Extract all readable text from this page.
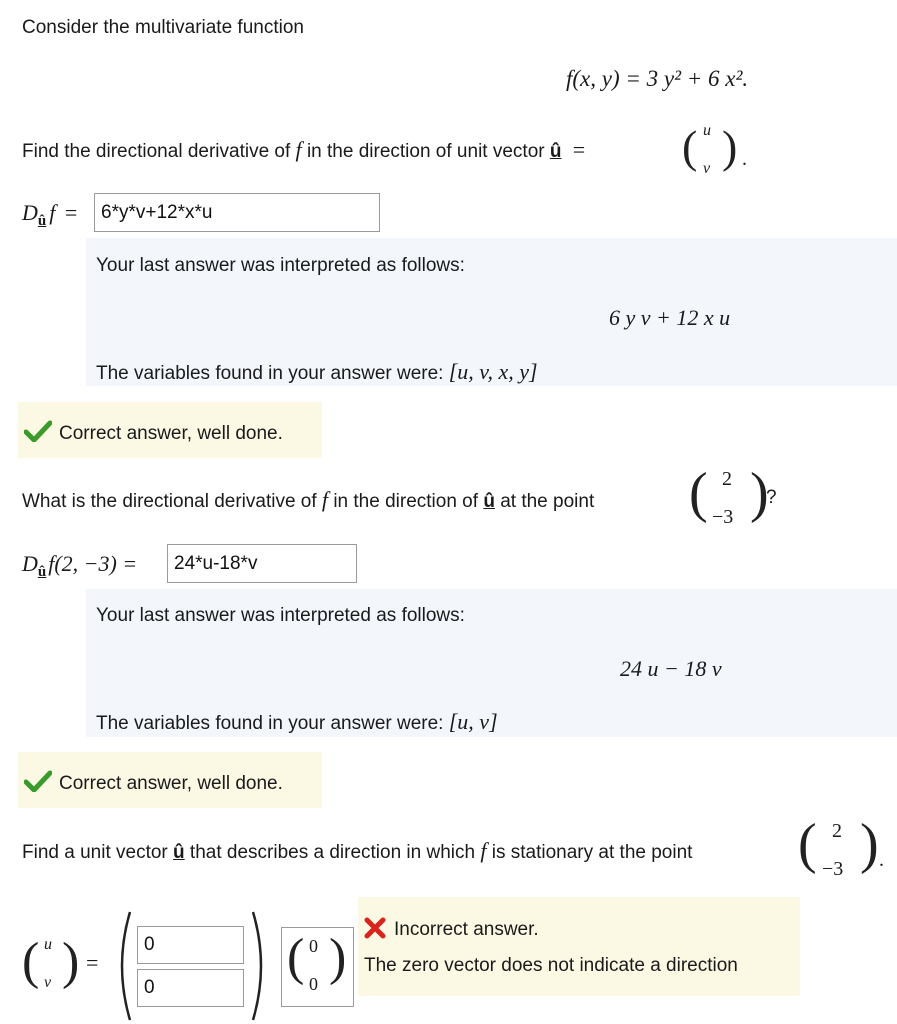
Consider the multivariate function
f(x, y) = 3 y² + 6 x².
Find the directional derivative of f in the direction of unit vector û = ( u
v ) .
$D_û$ f =	6*y*v+12*x*u
Your last answer was interpreted as follows:
6 y v + 12 x u
The variables found in your answer were: [u, v, x, y]
Correct answer, well done.
What is the directional derivative of f in the direction of û at the point ( 2
−3 )
?
$D_ûf(2$, −3) =	24*u-18*v
Your last answer was interpreted as follows:
24 u − 18 v
The variables found in your answer were: [u, v]
Correct answer, well done.
Find a unit vector û that describes a direction in which f is stationary at the point ( 2
−3 ) .
( u
v ) =
0
0
( 0
0 )	Incorrect answer.
The zero vector does not indicate a direction
